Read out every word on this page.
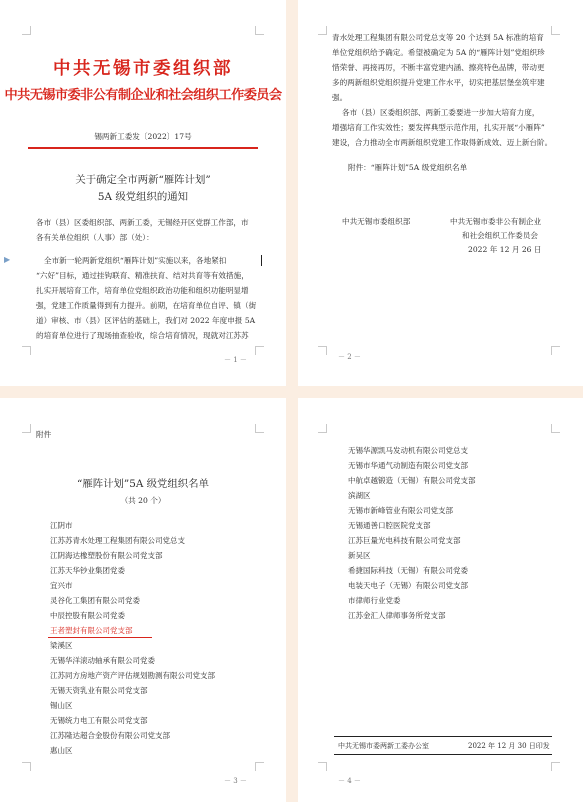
中共无锡市委组织部
中共无锡市委非公有制企业和社会组织工作委员会
锡两新工委发〔2022〕17号
关于确定全市两新“雁阵计划”
5A 级党组织的通知
各市（县）区委组织部、两新工委，无锡经开区党群工作部，市
各有关单位组织（人事）部（处）：
▶	全市新一轮两新党组织“雁阵计划”实施以来，各地紧扣
“六好”目标，通过挂钩联育、精准扶育、结对共育等有效措施，
扎实开展培育工作，培育单位党组织政治功能和组织功能明显增
强，党建工作质量得到有力提升。前期，在培育单位自评、镇（街
道）审核、市（县）区评估的基础上，我们对 2022 年度申报 5A
的培育单位进行了现场抽查验收，综合培育情况，现就对江苏苏
－ 1 －
青水处理工程集团有限公司党总支等 20 个达到 5A 标准的培育
单位党组织给予确定。希望被确定为 5A 的“雁阵计划”党组织珍
惜荣誉、再接再厉，不断丰富党建内涵、擦亮特色品牌，带动更
多的两新组织党组织提升党建工作水平，切实把基层堡垒筑牢建
强。
各市（县）区委组织部、两新工委要进一步加大培育力度，
增强培育工作实效性；要发挥典型示范作用，扎实开展“小雁阵”
建设，合力推动全市两新组织党建工作取得新成效、迈上新台阶。
附件：“雁阵计划”5A 级党组织名单
中共无锡市委组织部	中共无锡市委非公有制企业
和社会组织工作委员会
2022 年 12 月 26 日
－ 2 －
附件
“雁阵计划”5A 级党组织名单
（共 20 个）
江阴市
江苏苏青水处理工程集团有限公司党总支
江阴海达橡塑股份有限公司党支部
江苏天华钞业集团党委
宜兴市
灵谷化工集团有限公司党委
中辰控股有限公司党委
王者塑封有限公司党支部
梁溪区
无锡华洋滚动轴承有限公司党委
江苏同方房地产资产评估规划勘测有限公司党支部
无锡天资乳业有限公司党支部
锡山区
无锡统力电工有限公司党支部
江苏隆达超合金股份有限公司党支部
惠山区
－ 3 －
无锡华源凯马发动机有限公司党总支
无锡市华通气动制造有限公司党支部
中航卓越锻造（无锡）有限公司党支部
滨湖区
无锡市新峰管业有限公司党支部
无锡通善口腔医院党支部
江苏巨量光电科技有限公司党支部
新吴区
希捷国际科技（无锡）有限公司党委
电装天电子（无锡）有限公司党支部
市律师行业党委
江苏金汇人律师事务所党支部
中共无锡市委两新工委办公室	2022 年 12 月 30 日印发
－ 4 －
